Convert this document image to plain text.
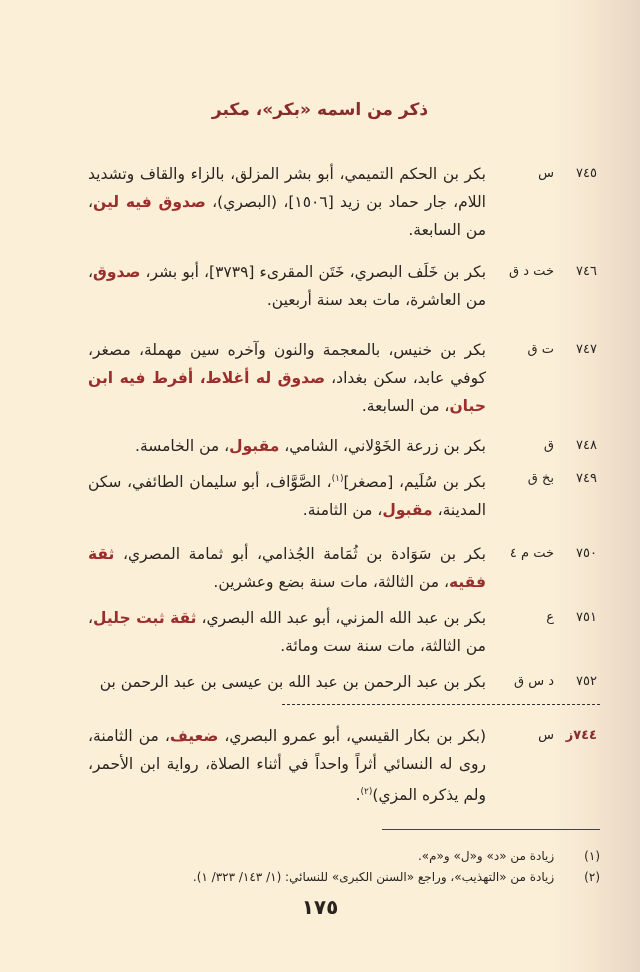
ذكر من اسمه «بكر»، مكبر
٧٤٥
س
بكر بن الحكم التميمي، أبو بشر المزلق، بالزاء والقاف وتشديد اللام، جار حماد بن زيد [١٥٠٦]، (البصري)، صدوق فيه لين، من السابعة.
٧٤٦
خت د ق
بكر بن خَلَف البصري، خَتَن المقرىء [٣٧٣٩]، أبو بشر، صدوق، من العاشرة، مات بعد سنة أربعين.
٧٤٧
ت ق
بكر بن خنيس، بالمعجمة والنون وآخره سين مهملة، مصغر، كوفي عابد، سكن بغداد، صدوق له أغلاط، أفرط فيه ابن حبان، من السابعة.
٧٤٨
ق
بكر بن زرعة الخَوْلاني، الشامي، مقبول، من الخامسة.
٧٤٩
بخ ق
بكر بن سُلَيم، [مصغر]$^{(١)}$، الصَّوَّاف، أبو سليمان الطائفي، سكن المدينة، مقبول، من الثامنة.
٧٥٠
خت م ٤
بكر بن سَوَادة بن ثُمَامة الجُذامي، أبو ثمامة المصري، ثقة فقيه، من الثالثة، مات سنة بضع وعشرين.
٧٥١
ع
بكر بن عبد الله المزني، أبو عبد الله البصري، ثقة ثبت جليل، من الثالثة، مات سنة ست ومائة.
٧٥٢
د س ق
بكر بن عبد الرحمن بن عبد الله بن عيسى بن عبد الرحمن بن
٧٤٤ز
س
(بكر بن بكار القيسي، أبو عمرو البصري، ضعيف، من الثامنة، روى له النسائي أثراً واحداً في أثناء الصلاة، رواية ابن الأحمر، ولم يذكره المزي)$^{(٢)}$.
(١) زيادة من «د» و«ل» و«م».
(٢) زيادة من «التهذيب»، وراجع «السنن الكبرى» للنسائي: (١/ ١٤٣/ ٣٢٣/ ١).
١٧٥
